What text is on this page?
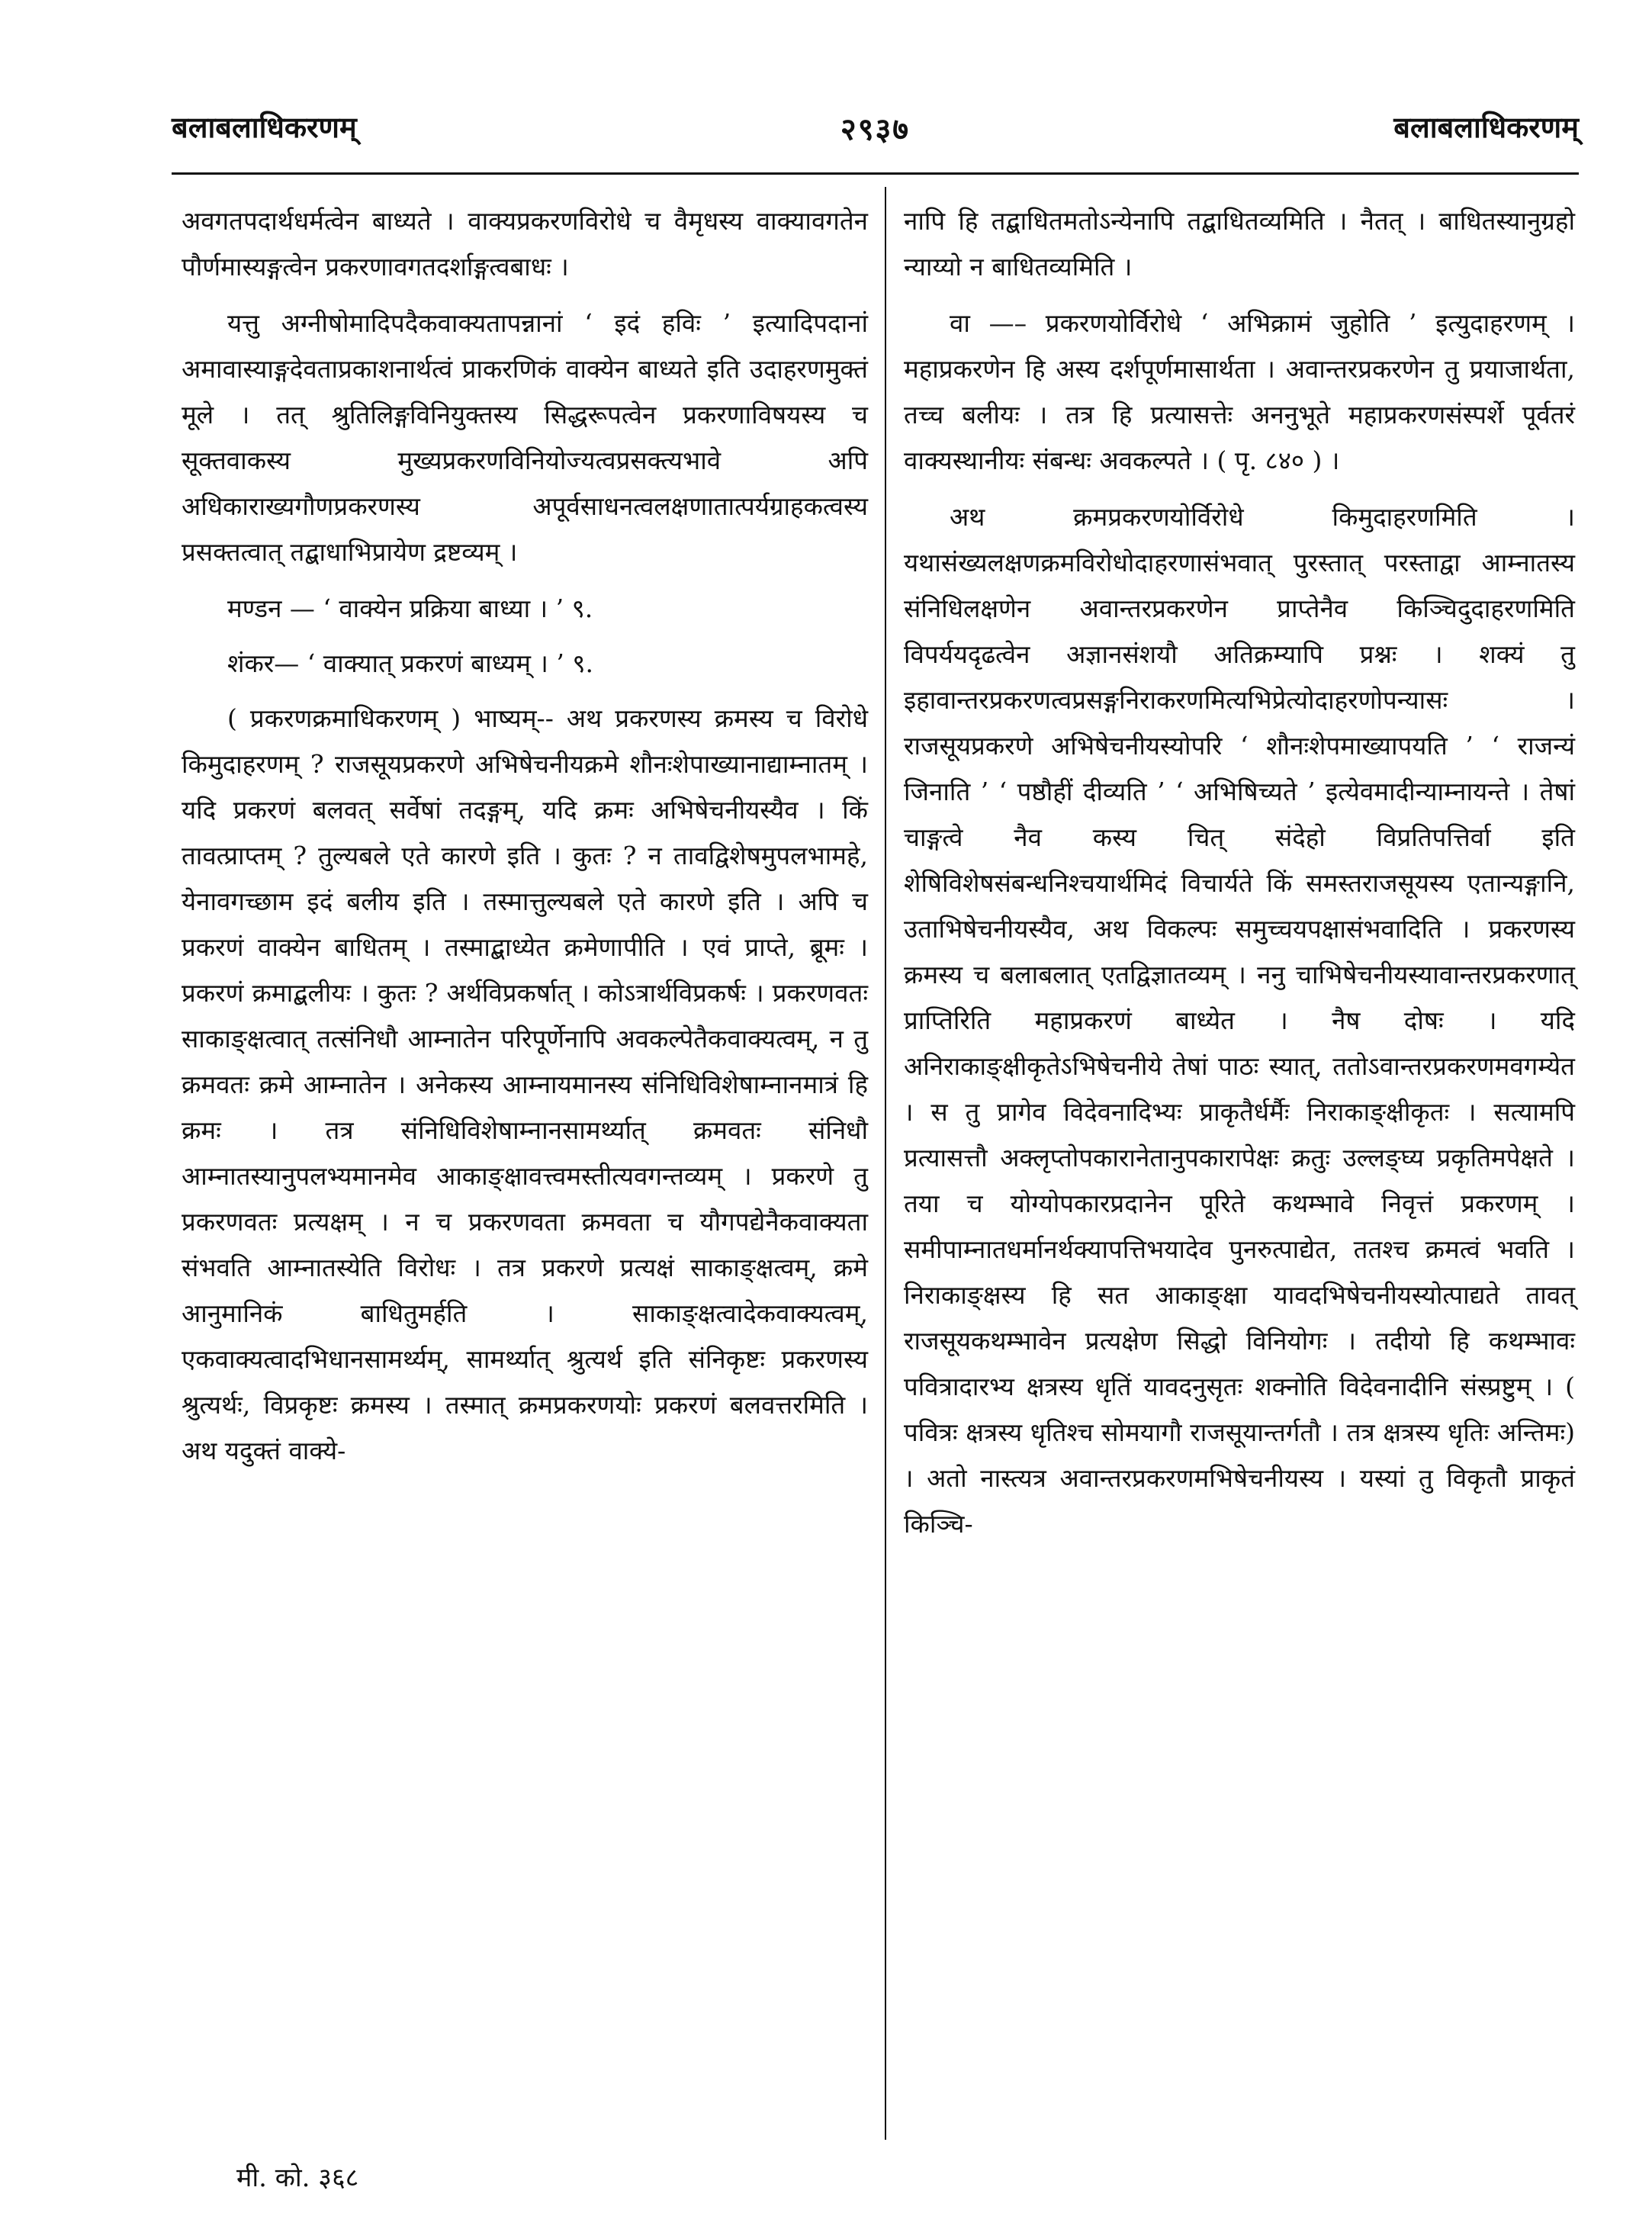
बलाबलाधिकरणम्	२९३७	बलाबलाधिकरणम्

अवगतपदार्थधर्मत्वेन बाध्यते । वाक्यप्रकरणविरोधे च वैमृधस्य वाक्यावगतेन पौर्णमास्यङ्गत्वेन प्रकरणावगतदर्शाङ्गत्वबाधः ।

यत्तु अग्नीषोमादिपदैकवाक्यतापन्नानां ‘ इदं हविः ’ इत्यादिपदानां अमावास्याङ्गदेवताप्रकाशनार्थत्वं प्राकरणिकं वाक्येन बाध्यते इति उदाहरणमुक्तं मूले । तत् श्रुतिलिङ्गविनियुक्तस्य सिद्धरूपत्वेन प्रकरणाविषयस्य च सूक्तवाकस्य मुख्यप्रकरणविनियोज्यत्वप्रसक्त्यभावे अपि अधिकाराख्यगौणप्रकरणस्य अपूर्वसाधनत्वलक्षणातात्पर्यग्राहकत्वस्य प्रसक्तत्वात् तद्बाधाभिप्रायेण द्रष्टव्यम् ।

मण्डन — ‘ वाक्येन प्रक्रिया बाध्या । ’ ९.

शंकर— ‘ वाक्यात् प्रकरणं बाध्यम् । ’ ९.

( प्रकरणक्रमाधिकरणम् ) भाष्यम्-- अथ प्रकरणस्य क्रमस्य च विरोधे किमुदाहरणम् ? राजसूयप्रकरणे अभिषेचनीयक्रमे शौनःशेपाख्यानाद्याम्नातम् । यदि प्रकरणं बलवत् सर्वेषां तदङ्गम्, यदि क्रमः अभिषेचनीयस्यैव । किं तावत्प्राप्तम् ? तुल्यबले एते कारणे इति । कुतः ? न तावद्विशेषमुपलभामहे, येनावगच्छाम इदं बलीय इति । तस्मात्तुल्यबले एते कारणे इति । अपि च प्रकरणं वाक्येन बाधितम् । तस्माद्बाध्येत क्रमेणापीति । एवं प्राप्ते, ब्रूमः । प्रकरणं क्रमाद्बलीयः । कुतः ? अर्थविप्रकर्षात् । कोऽत्रार्थविप्रकर्षः । प्रकरणवतः साकाङ्क्षत्वात् तत्संनिधौ आम्नातेन परिपूर्णेनापि अवकल्पेतैकवाक्यत्वम्, न तु क्रमवतः क्रमे आम्नातेन । अनेकस्य आम्नायमानस्य संनिधिविशेषाम्नानमात्रं हि क्रमः । तत्र संनिधिविशेषाम्नानसामर्थ्यात् क्रमवतः संनिधौ आम्नातस्यानुपलभ्यमानमेव आकाङ्क्षावत्त्वमस्तीत्यवगन्तव्यम् । प्रकरणे तु प्रकरणवतः प्रत्यक्षम् । न च प्रकरणवता क्रमवता च यौगपद्येनैकवाक्यता संभवति आम्नातस्येति विरोधः । तत्र प्रकरणे प्रत्यक्षं साकाङ्क्षत्वम्, क्रमे आनुमानिकं बाधितुमर्हति । साकाङ्क्षत्वादेकवाक्यत्वम्, एकवाक्यत्वादभिधानसामर्थ्यम्, सामर्थ्यात् श्रुत्यर्थ इति संनिकृष्टः प्रकरणस्य श्रुत्यर्थः, विप्रकृष्टः क्रमस्य । तस्मात् क्रमप्रकरणयोः प्रकरणं बलवत्तरमिति । अथ यदुक्तं वाक्ये-

नापि हि तद्बाधितमतोऽन्येनापि तद्बाधितव्यमिति । नैतत् । बाधितस्यानुग्रहो न्याय्यो न बाधितव्यमिति ।

वा —– प्रकरणयोर्विरोधे ‘ अभिक्रामं जुहोति ’ इत्युदाहरणम् । महाप्रकरणेन हि अस्य दर्शपूर्णमासार्थता । अवान्तरप्रकरणेन तु प्रयाजार्थता, तच्च बलीयः । तत्र हि प्रत्यासत्तेः अननुभूते महाप्रकरणसंस्पर्शे पूर्वतरं वाक्यस्थानीयः संबन्धः अवकल्पते । ( पृ. ८४० ) ।

अथ क्रमप्रकरणयोर्विरोधे किमुदाहरणमिति । यथासंख्यलक्षणक्रमविरोधोदाहरणासंभवात् पुरस्तात् परस्ताद्वा आम्नातस्य संनिधिलक्षणेन अवान्तरप्रकरणेन प्राप्तेनैव किञ्चिदुदाहरणमिति विपर्ययदृढत्वेन अज्ञानसंशयौ अतिक्रम्यापि प्रश्नः । शक्यं तु इहावान्तरप्रकरणत्वप्रसङ्गनिराकरणमित्यभिप्रेत्योदाहरणोपन्यासः । राजसूयप्रकरणे अभिषेचनीयस्योपरि ‘ शौनःशेपमाख्यापयति ’ ‘ राजन्यं जिनाति ’ ‘ पष्ठौहीं दीव्यति ’ ‘ अभिषिच्यते ’ इत्येवमादीन्याम्नायन्ते । तेषां चाङ्गत्वे नैव कस्य चित् संदेहो विप्रतिपत्तिर्वा इति शेषिविशेषसंबन्धनिश्चयार्थमिदं विचार्यते किं समस्तराजसूयस्य एतान्यङ्गानि, उताभिषेचनीयस्यैव, अथ विकल्पः समुच्चयपक्षासंभवादिति । प्रकरणस्य क्रमस्य च बलाबलात् एतद्विज्ञातव्यम् । ननु चाभिषेचनीयस्यावान्तरप्रकरणात् प्राप्तिरिति महाप्रकरणं बाध्येत । नैष दोषः । यदि अनिराकाङ्क्षीकृतेऽभिषेचनीये तेषां पाठः स्यात्, ततोऽवान्तरप्रकरणमवगम्येत । स तु प्रागेव विदेवनादिभ्यः प्राकृतैर्धर्मैः निराकाङ्क्षीकृतः । सत्यामपि प्रत्यासत्तौ अक्लृप्तोपकारानेतानुपकारापेक्षः क्रतुः उल्लङ्घ्य प्रकृतिमपेक्षते । तया च योग्योपकारप्रदानेन पूरिते कथम्भावे निवृत्तं प्रकरणम् । समीपाम्नातधर्मानर्थक्यापत्तिभयादेव पुनरुत्पाद्येत, ततश्च क्रमत्वं भवति । निराकाङ्क्षस्य हि सत आकाङ्क्षा यावदभिषेचनीयस्योत्पाद्यते तावत् राजसूयकथम्भावेन प्रत्यक्षेण सिद्धो विनियोगः । तदीयो हि कथम्भावः पवित्रादारभ्य क्षत्रस्य धृतिं यावदनुसृतः शक्नोति विदेवनादीनि संस्प्रष्टुम् । ( पवित्रः क्षत्रस्य धृतिश्च सोमयागौ राजसूयान्तर्गतौ । तत्र क्षत्रस्य धृतिः अन्तिमः) । अतो नास्त्यत्र अवान्तरप्रकरणमभिषेचनीयस्य । यस्यां तु विकृतौ प्राकृतं किञ्चि-

मी. को. ३६८
